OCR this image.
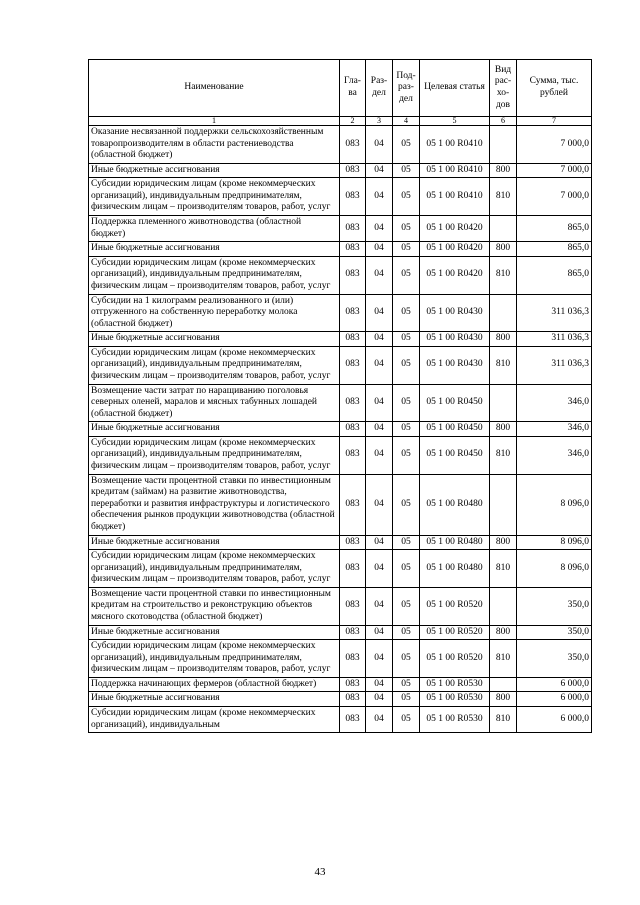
Наименование	Гла-ва	Раз-дел	Под-раз-дел	Целевая статья	Вид рас-хо-дов	Сумма, тыс. рублей
1	2	3	4	5	6	7
Оказание несвязанной поддержки сельскохозяйственным товаропроизводителям в области растениеводства (областной бюджет)	083	04	05	05 1 00 R0410		7 000,0
Иные бюджетные ассигнования	083	04	05	05 1 00 R0410	800	7 000,0
Субсидии юридическим лицам (кроме некоммерческих организаций), индивидуальным предпринимателям, физическим лицам – производителям товаров, работ, услуг	083	04	05	05 1 00 R0410	810	7 000,0
Поддержка племенного животноводства (областной бюджет)	083	04	05	05 1 00 R0420		865,0
Иные бюджетные ассигнования	083	04	05	05 1 00 R0420	800	865,0
Субсидии юридическим лицам (кроме некоммерческих организаций), индивидуальным предпринимателям, физическим лицам – производителям товаров, работ, услуг	083	04	05	05 1 00 R0420	810	865,0
Субсидии на 1 килограмм реализованного и (или) отгруженного на собственную переработку молока (областной бюджет)	083	04	05	05 1 00 R0430		311 036,3
Иные бюджетные ассигнования	083	04	05	05 1 00 R0430	800	311 036,3
Субсидии юридическим лицам (кроме некоммерческих организаций), индивидуальным предпринимателям, физическим лицам – производителям товаров, работ, услуг	083	04	05	05 1 00 R0430	810	311 036,3
Возмещение части затрат по наращиванию поголовья северных оленей, маралов и мясных табунных лошадей (областной бюджет)	083	04	05	05 1 00 R0450		346,0
Иные бюджетные ассигнования	083	04	05	05 1 00 R0450	800	346,0
Субсидии юридическим лицам (кроме некоммерческих организаций), индивидуальным предпринимателям, физическим лицам – производителям товаров, работ, услуг	083	04	05	05 1 00 R0450	810	346,0
Возмещение части процентной ставки по инвестиционным кредитам (займам) на развитие животноводства, переработки и развития инфраструктуры и логистического обеспечения рынков продукции животноводства (областной бюджет)	083	04	05	05 1 00 R0480		8 096,0
Иные бюджетные ассигнования	083	04	05	05 1 00 R0480	800	8 096,0
Субсидии юридическим лицам (кроме некоммерческих организаций), индивидуальным предпринимателям, физическим лицам – производителям товаров, работ, услуг	083	04	05	05 1 00 R0480	810	8 096,0
Возмещение части процентной ставки по инвестиционным кредитам на строительство и реконструкцию объектов мясного скотоводства (областной бюджет)	083	04	05	05 1 00 R0520		350,0
Иные бюджетные ассигнования	083	04	05	05 1 00 R0520	800	350,0
Субсидии юридическим лицам (кроме некоммерческих организаций), индивидуальным предпринимателям, физическим лицам – производителям товаров, работ, услуг	083	04	05	05 1 00 R0520	810	350,0
Поддержка начинающих фермеров (областной бюджет)	083	04	05	05 1 00 R0530		6 000,0
Иные бюджетные ассигнования	083	04	05	05 1 00 R0530	800	6 000,0
Субсидии юридическим лицам (кроме некоммерческих организаций), индивидуальным	083	04	05	05 1 00 R0530	810	6 000,0
43
